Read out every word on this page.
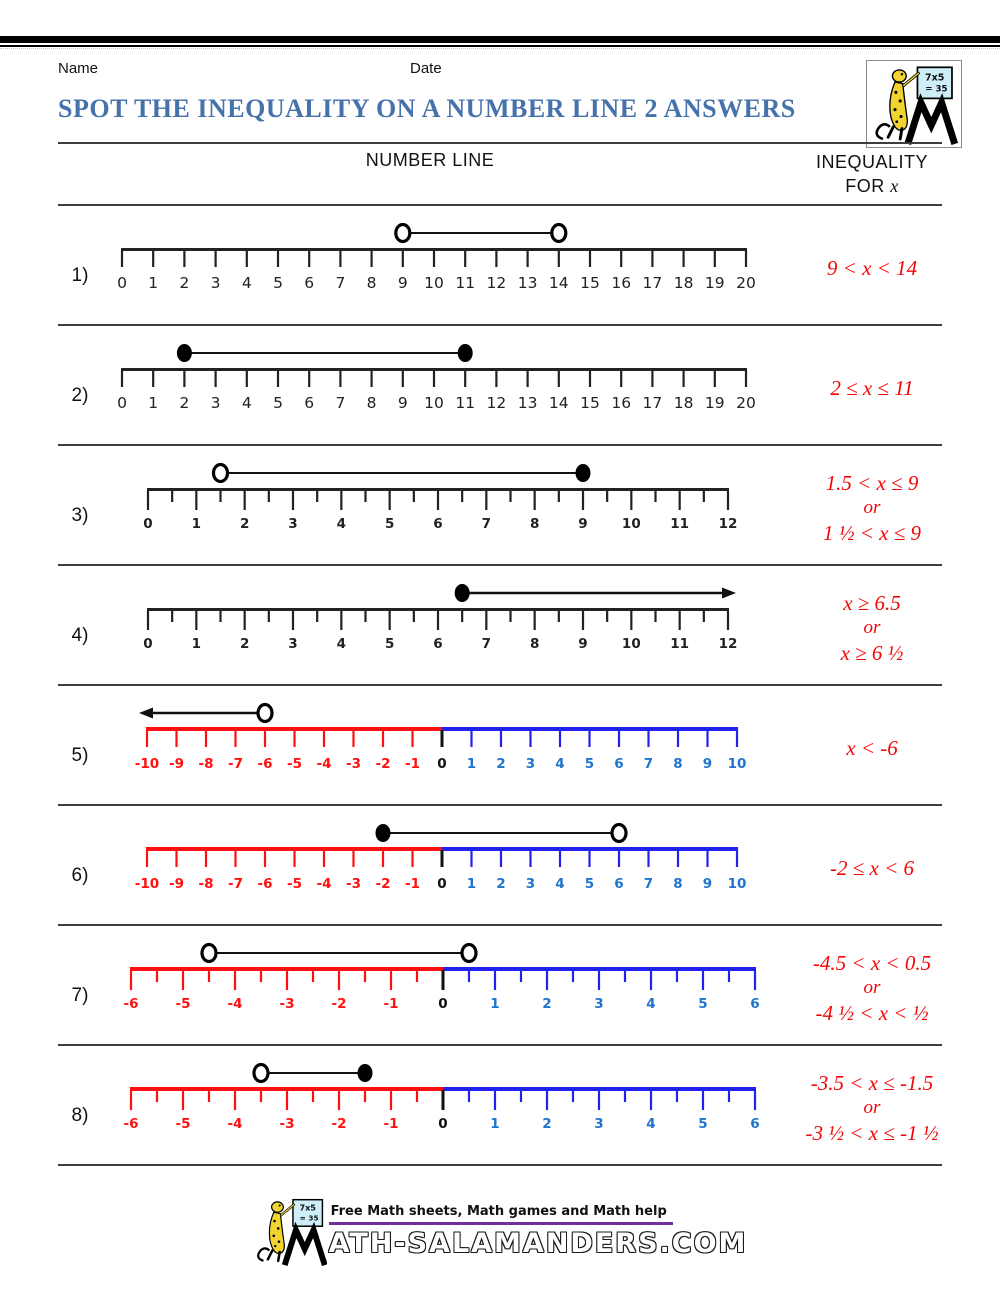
7x5
= 35
Name	Date
SPOT THE INEQUALITY ON A NUMBER LINE 2 ANSWERS
NUMBER LINE	INEQUALITY
FOR x
1)	0 1 2 3 4 5 6 7 8 9 10 11 12 13 14 15 16 17 18 19 20
9 < x < 14
2)	0 1 2 3 4 5 6 7 8 9 10 11 12 13 14 15 16 17 18 19 20
2 ≤ x ≤ 11
3)	0	1	2	3	4	5	6	7	8	9	10 11 12
1.5 < x ≤ 9
or
1 ½ < x ≤ 9
4)	0	1	2	3	4	5	6	7	8	9	10 11 12
x ≥ 6.5
or
x ≥ 6 ½
5)	-10 -9 -8 -7 -6 -5 -4 -3 -2 -1 0 1 2 3 4 5 6 7 8 9 10
x < -6
6)	-10 -9 -8 -7 -6 -5 -4 -3 -2 -1 0 1 2 3 4 5 6 7 8 9 10
-2 ≤ x < 6
7)	-6	-5	-4	-3	-2	-1	0	1	2	3	4	5	6
-4.5 < x < 0.5
or
-4 ½ < x < ½
8)	-6	-5	-4	-3	-2	-1	0	1	2	3	4	5	6
-3.5 < x ≤ -1.5
or
-3 ½ < x ≤ -1 ½
7x5
= 35 Free Math sheets, Math games and Math help
ATH-SALAMANDERS.COM
